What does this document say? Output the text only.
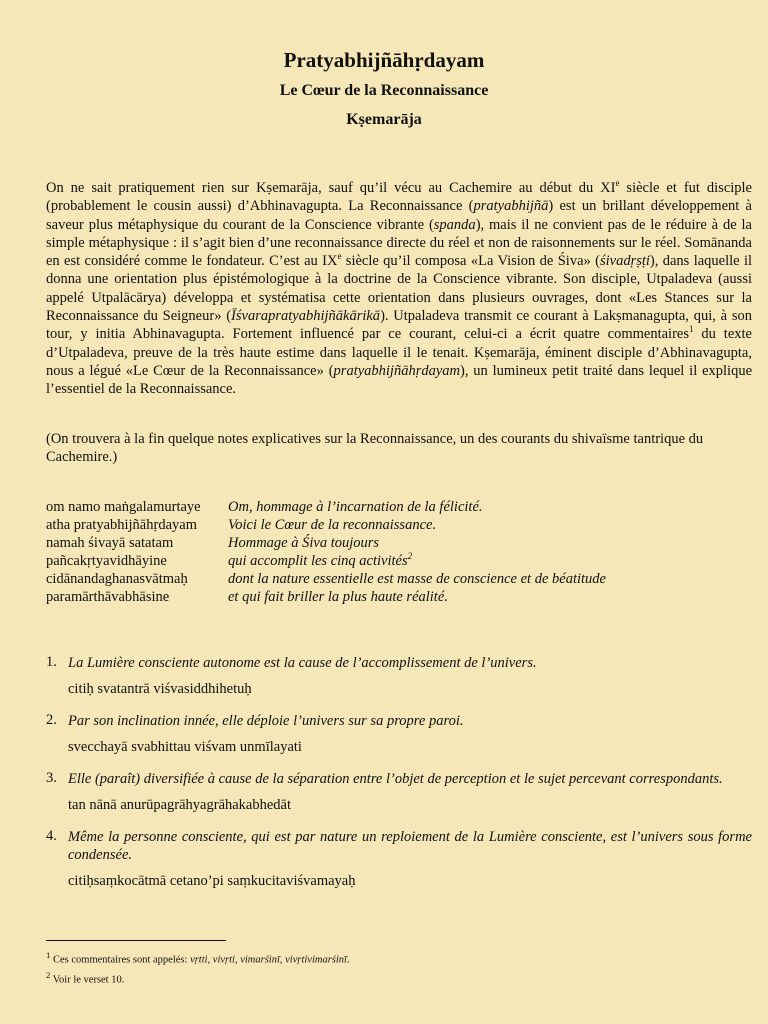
Pratyabhijñāhṛdayam
Le Cœur de la Reconnaissance
Kṣemarāja

On ne sait pratiquement rien sur Kṣemarāja, sauf qu’il vécu au Cachemire au début du XIe siècle et fut disciple (probablement le cousin aussi) d’Abhinavagupta. La Reconnaissance (pratyabhijñā) est un brillant développement à saveur plus métaphysique du courant de la Conscience vibrante (spanda), mais il ne convient pas de le réduire à de la simple métaphysique : il s’agit bien d’une reconnaissance directe du réel et non de raisonnements sur le réel. Somānanda en est considéré comme le fondateur. C’est au IXe siècle qu’il composa «La Vision de Śiva» (śivadṛṣṭi), dans laquelle il donna une orientation plus épistémologique à la doctrine de la Conscience vibrante. Son disciple, Utpaladeva (aussi appelé Utpalācārya) développa et systématisa cette orientation dans plusieurs ouvrages, dont «Les Stances sur la Reconnaissance du Seigneur» (Īśvarapratyabhijñākārikā). Utpaladeva transmit ce courant à Lakṣmanagupta, qui, à son tour, y initia Abhinavagupta. Fortement influencé par ce courant, celui-ci a écrit quatre commentaires$^1$ du texte d’Utpaladeva, preuve de la très haute estime dans laquelle il le tenait. Kṣemarāja, éminent disciple d’Abhinavagupta, nous a légué «Le Cœur de la Reconnaissance» (pratyabhijñāhṛdayam), un lumineux petit traité dans lequel il explique l’essentiel de la Reconnaissance.

(On trouvera à la fin quelque notes explicatives sur la Reconnaissance, un des courants du shivaïsme tantrique du Cachemire.)

om namo maṅgalamurtaye	Om, hommage à l’incarnation de la félicité.
atha pratyabhijñāhṛdayam	Voici le Cœur de la reconnaissance.
namah śivayā satatam	Hommage à Śiva toujours
pañcakṛtyavidhāyine	qui accomplit les cinq activités$^2$
cidānandaghanasvātmaḥ	dont la nature essentielle est masse de conscience et de béatitude
paramārthāvabhāsine	et qui fait briller la plus haute réalité.
1. La Lumière consciente autonome est la cause de l’accomplissement de l’univers.
citiḥ svatantrā viśvasiddhihetuḥ
2. Par son inclination innée, elle déploie l’univers sur sa propre paroi.
svecchayā svabhittau viśvam unmīlayati
3. Elle (paraît) diversifiée à cause de la séparation entre l’objet de perception et le sujet percevant correspondants.
tan nānā anurūpagrāhyagrāhakabhedāt
4. Même la personne consciente, qui est par nature un reploiement de la Lumière consciente, est l’univers sous forme condensée.
citiḥsaṃkocātmā cetano’pi saṃkucitaviśvamayaḥ
$^1$ Ces commentaires sont appelés: vṛtti, vivṛti, vimarśinī, vivṛtivimarśinī.
$^2$ Voir le verset 10.
